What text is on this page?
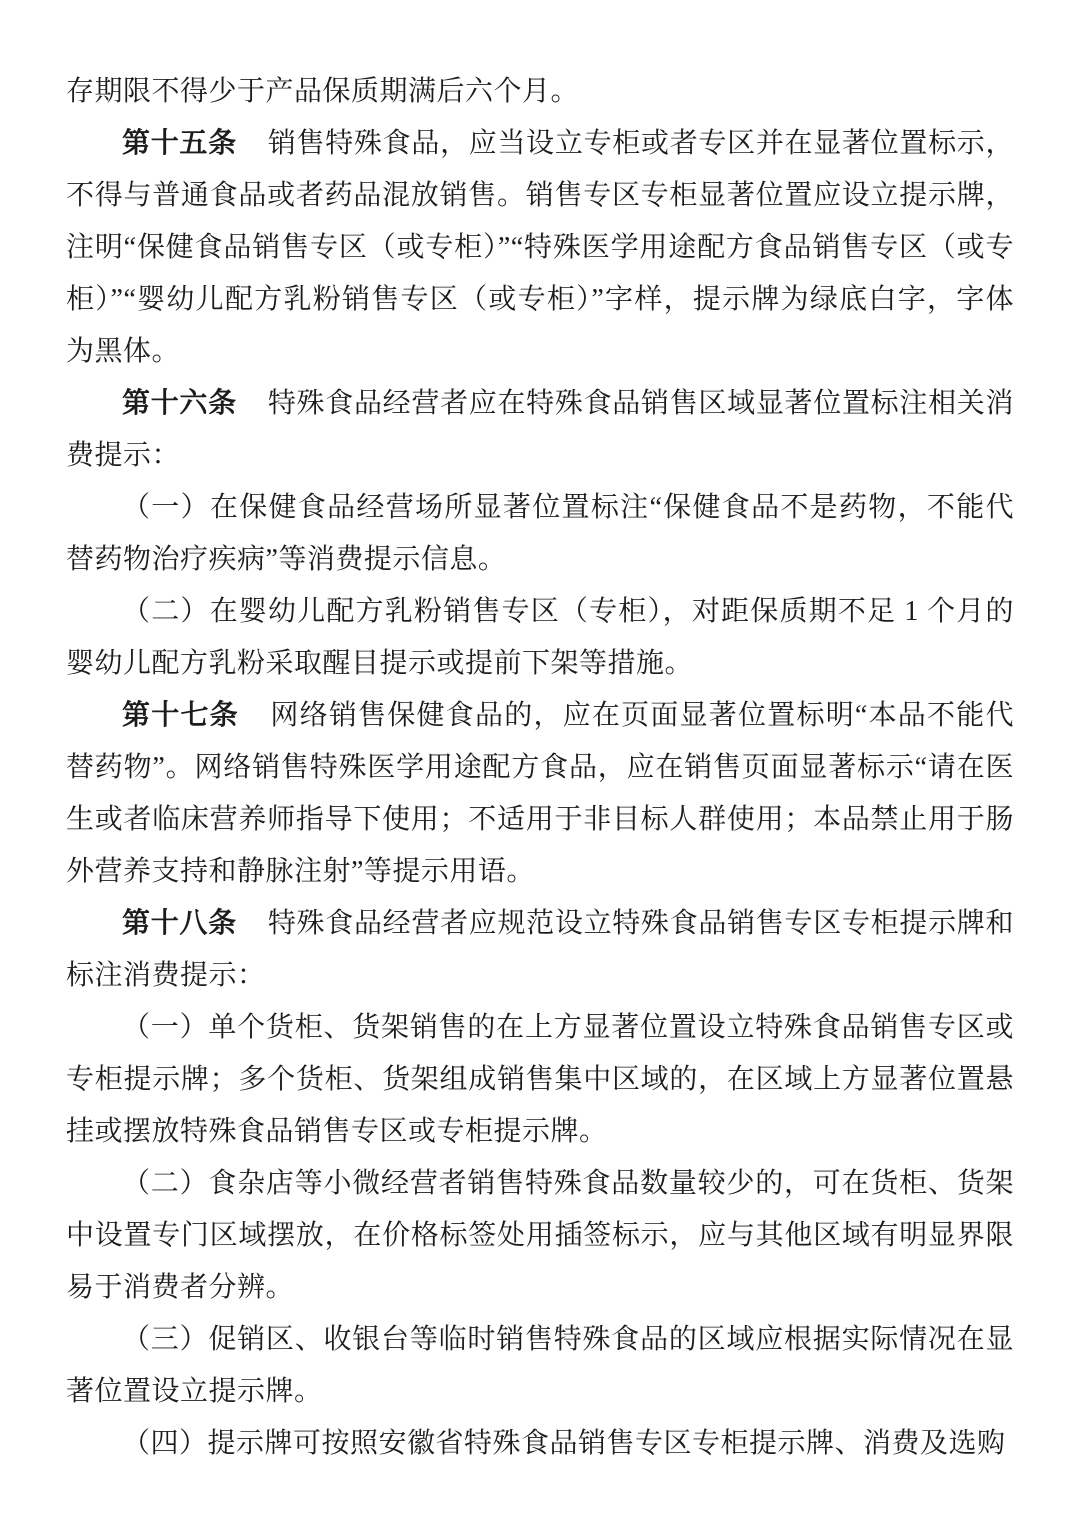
存期限不得少于产品保质期满后六个月。

第十五条 销售特殊食品，应当设立专柜或者专区并在显著位置标示，不得与普通食品或者药品混放销售。销售专区专柜显著位置应设立提示牌，注明“保健食品销售专区（或专柜）”“特殊医学用途配方食品销售专区（或专柜）”“婴幼儿配方乳粉销售专区（或专柜）”字样，提示牌为绿底白字，字体为黑体。

第十六条 特殊食品经营者应在特殊食品销售区域显著位置标注相关消费提示：

（一）在保健食品经营场所显著位置标注“保健食品不是药物，不能代替药物治疗疾病”等消费提示信息。

（二）在婴幼儿配方乳粉销售专区（专柜），对距保质期不足 1 个月的婴幼儿配方乳粉采取醒目提示或提前下架等措施。

第十七条 网络销售保健食品的，应在页面显著位置标明“本品不能代替药物”。网络销售特殊医学用途配方食品，应在销售页面显著标示“请在医生或者临床营养师指导下使用；不适用于非目标人群使用；本品禁止用于肠外营养支持和静脉注射”等提示用语。

第十八条 特殊食品经营者应规范设立特殊食品销售专区专柜提示牌和标注消费提示：

（一）单个货柜、货架销售的在上方显著位置设立特殊食品销售专区或专柜提示牌；多个货柜、货架组成销售集中区域的，在区域上方显著位置悬挂或摆放特殊食品销售专区或专柜提示牌。

（二）食杂店等小微经营者销售特殊食品数量较少的，可在货柜、货架中设置专门区域摆放，在价格标签处用插签标示，应与其他区域有明显界限易于消费者分辨。

（三）促销区、收银台等临时销售特殊食品的区域应根据实际情况在显著位置设立提示牌。

（四）提示牌可按照安徽省特殊食品销售专区专柜提示牌、消费及选购
